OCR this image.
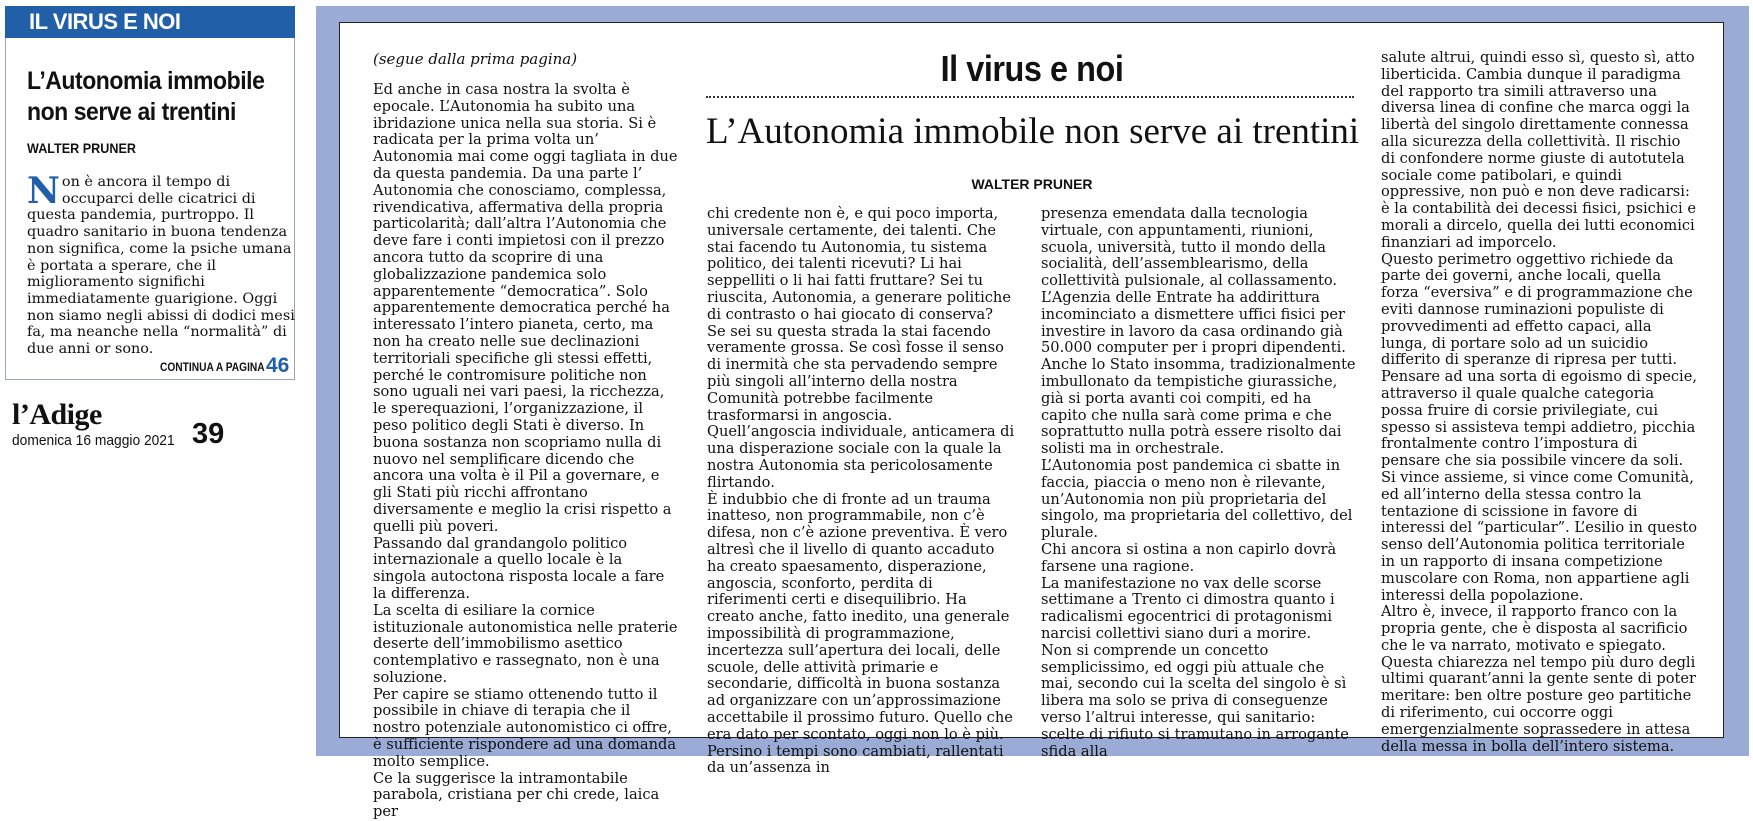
IL VIRUS E NOI
L’Autonomia immobile non serve ai trentini
WALTER PRUNER
Non è ancora il tempo di occuparci delle cicatrici di questa pandemia, purtroppo. Il quadro sanitario in buona tendenza non significa, come la psiche umana è portata a sperare, che il miglioramento significhi immediatamente guarigione. Oggi non siamo negli abissi di dodici mesi fa, ma neanche nella “normalità” di due anni or sono.
CONTINUA A PAGINA 46
l’Adige
domenica 16 maggio 2021 39
(segue dalla prima pagina)	Il virus e noi
L’Autonomia immobile non serve ai trentini
WALTER PRUNER

Ed anche in casa nostra la svolta è epocale. L’Autonomia ha subito una ibridazione unica nella sua storia. Si è radicata per la prima volta un’ Autonomia mai come oggi tagliata in due da questa pandemia. Da una parte l’ Autonomia che conosciamo, complessa, rivendicativa, affermativa della propria particolarità; dall’altra l’Autonomia che deve fare i conti impietosi con il prezzo ancora tutto da scoprire di una globalizzazione pandemica solo apparentemente “democratica”. Solo apparentemente democratica perché ha interessato l’intero pianeta, certo, ma non ha creato nelle sue declinazioni territoriali specifiche gli stessi effetti, perché le contromisure politiche non sono uguali nei vari paesi, la ricchezza, le sperequazioni, l’organizzazione, il peso politico degli Stati è diverso. In buona sostanza non scopriamo nulla di nuovo nel semplificare dicendo che ancora una volta è il Pil a governare, e gli Stati più ricchi affrontano diversamente e meglio la crisi rispetto a quelli più poveri.

Passando dal grandangolo politico internazionale a quello locale è la singola autoctona risposta locale a fare la differenza.

La scelta di esiliare la cornice istituzionale autonomistica nelle praterie deserte dell’immobilismo asettico contemplativo e rassegnato, non è una soluzione.

Per capire se stiamo ottenendo tutto il possibile in chiave di terapia che il nostro potenziale autonomistico ci offre, è sufficiente rispondere ad una domanda molto semplice.

Ce la suggerisce la intramontabile parabola, cristiana per chi crede, laica per

chi credente non è, e qui poco importa, universale certamente, dei talenti. Che stai facendo tu Autonomia, tu sistema politico, dei talenti ricevuti? Li hai seppelliti o li hai fatti fruttare? Sei tu riuscita, Autonomia, a generare politiche di contrasto o hai giocato di conserva? Se sei su questa strada la stai facendo veramente grossa. Se così fosse il senso di inermità che sta pervadendo sempre più singoli all’interno della nostra Comunità potrebbe facilmente trasformarsi in angoscia.

Quell’angoscia individuale, anticamera di una disperazione sociale con la quale la nostra Autonomia sta pericolosamente flirtando.

È indubbio che di fronte ad un trauma inatteso, non programmabile, non c’è difesa, non c’è azione preventiva. È vero altresì che il livello di quanto accaduto ha creato spaesamento, disperazione, angoscia, sconforto, perdita di riferimenti certi e disequilibrio. Ha creato anche, fatto inedito, una generale impossibilità di programmazione, incertezza sull’apertura dei locali, delle scuole, delle attività primarie e secondarie, difficoltà in buona sostanza ad organizzare con un’approssimazione accettabile il prossimo futuro. Quello che era dato per scontato, oggi non lo è più. Persino i tempi sono cambiati, rallentati da un’assenza in

presenza emendata dalla tecnologia virtuale, con appuntamenti, riunioni, scuola, università, tutto il mondo della socialità, dell’assemblearismo, della collettività pulsionale, al collassamento.

L’Agenzia delle Entrate ha addirittura incominciato a dismettere uffici fisici per investire in lavoro da casa ordinando già 50.000 computer per i propri dipendenti. Anche lo Stato insomma, tradizionalmente imbullonato da tempistiche giurassiche, già si porta avanti coi compiti, ed ha capito che nulla sarà come prima e che soprattutto nulla potrà essere risolto dai solisti ma in orchestrale.

L’Autonomia post pandemica ci sbatte in faccia, piaccia o meno non è rilevante, un’Autonomia non più proprietaria del singolo, ma proprietaria del collettivo, del plurale.

Chi ancora si ostina a non capirlo dovrà farsene una ragione.

La manifestazione no vax delle scorse settimane a Trento ci dimostra quanto i radicalismi egocentrici di protagonismi narcisi collettivi siano duri a morire.

Non si comprende un concetto semplicissimo, ed oggi più attuale che mai, secondo cui la scelta del singolo è sì libera ma solo se priva di conseguenze verso l’altrui interesse, qui sanitario: scelte di rifiuto si tramutano in arrogante sfida alla

salute altrui, quindi esso sì, questo sì, atto liberticida. Cambia dunque il paradigma del rapporto tra simili attraverso una diversa linea di confine che marca oggi la libertà del singolo direttamente connessa alla sicurezza della collettività. Il rischio di confondere norme giuste di autotutela sociale come patibolari, e quindi oppressive, non può e non deve radicarsi: è la contabilità dei decessi fisici, psichici e morali a dircelo, quella dei lutti economici finanziari ad imporcelo.

Questo perimetro oggettivo richiede da parte dei governi, anche locali, quella forza “eversiva” e di programmazione che eviti dannose ruminazioni populiste di provvedimenti ad effetto capaci, alla lunga, di portare solo ad un suicidio differito di speranze di ripresa per tutti.

Pensare ad una sorta di egoismo di specie, attraverso il quale qualche categoria possa fruire di corsie privilegiate, cui spesso si assisteva tempi addietro, picchia frontalmente contro l’impostura di pensare che sia possibile vincere da soli.

Si vince assieme, si vince come Comunità, ed all’interno della stessa contro la tentazione di scissione in favore di interessi del “particular”. L’esilio in questo senso dell’Autonomia politica territoriale in un rapporto di insana competizione muscolare con Roma, non appartiene agli interessi della popolazione.

Altro è, invece, il rapporto franco con la propria gente, che è disposta al sacrificio che le va narrato, motivato e spiegato.

Questa chiarezza nel tempo più duro degli ultimi quarant’anni la gente sente di poter meritare: ben oltre posture geo partitiche di riferimento, cui occorre oggi emergenzialmente soprassedere in attesa della messa in bolla dell’intero sistema.
